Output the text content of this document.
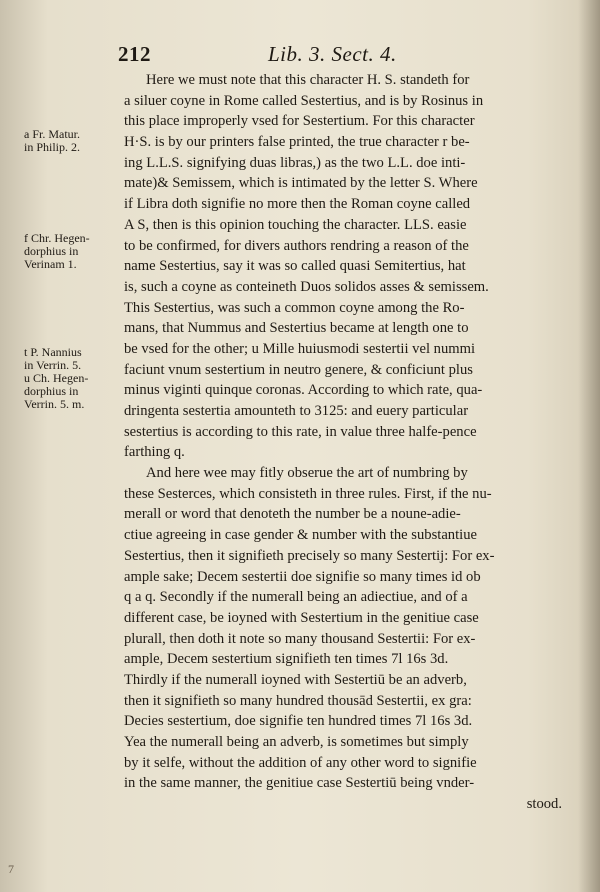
212	Lib. 3. Sect. 4.
a Fr. Matur.
in Philip. 2.
f Chr. Hegen-
dorphius in
Verinam 1.
t P. Nannius
in Verrin. 5.
u Ch. Hegen-
dorphius in
Verrin. 5. m.
Here we must note that this character H. S. standeth for
a siluer coyne in Rome called Sestertius, and is by Rosinus in
this place improperly vsed for Sestertium. For this character
H·S. is by our printers false printed, the true character r be-
ing L.L.S. signifying duas libras,) as the two L.L. doe inti-
mate)& Semissem, which is intimated by the letter S. Where
if Libra doth signifie no more then the Roman coyne called
A S, then is this opinion touching the character. LLS. easie
to be confirmed, for divers authors rendring a reason of the
name Sestertius, say it was so called quasi Semitertius, hat
is, such a coyne as conteineth Duos solidos asses & semissem.
This Sestertius, was such a common coyne among the Ro-
mans, that Nummus and Sestertius became at length one to
be vsed for the other; u Mille huiusmodi sestertii vel nummi
faciunt vnum sestertium in neutro genere, & conficiunt plus
minus viginti quinque coronas. According to which rate, qua-
dringenta sestertia amounteth to 3125: and euery particular
sestertius is according to this rate, in value three halfe-pence
farthing q.
And here wee may fitly obserue the art of numbring by
these Sesterces, which consisteth in three rules. First, if the nu-
merall or word that denoteth the number be a noune-adie-
ctiue agreeing in case gender & number with the substantiue
Sestertius, then it signifieth precisely so many Sestertij: For ex-
ample sake; Decem sestertii doe signifie so many times id ob
q a q. Secondly if the numerall being an adiectiue, and of a
different case, be ioyned with Sestertium in the genitiue case
plurall, then doth it note so many thousand Sestertii: For ex-
ample, Decem sestertium signifieth ten times 7l 16s 3d.
Thirdly if the numerall ioyned with Sestertiū be an adverb,
then it signifieth so many hundred thousād Sestertii, ex gra:
Decies sestertium, doe signifie ten hundred times 7l 16s 3d.
Yea the numerall being an adverb, is sometimes but simply
by it selfe, without the addition of any other word to signifie
in the same manner, the genitiue case Sestertiū being vnder-
stood.
7
